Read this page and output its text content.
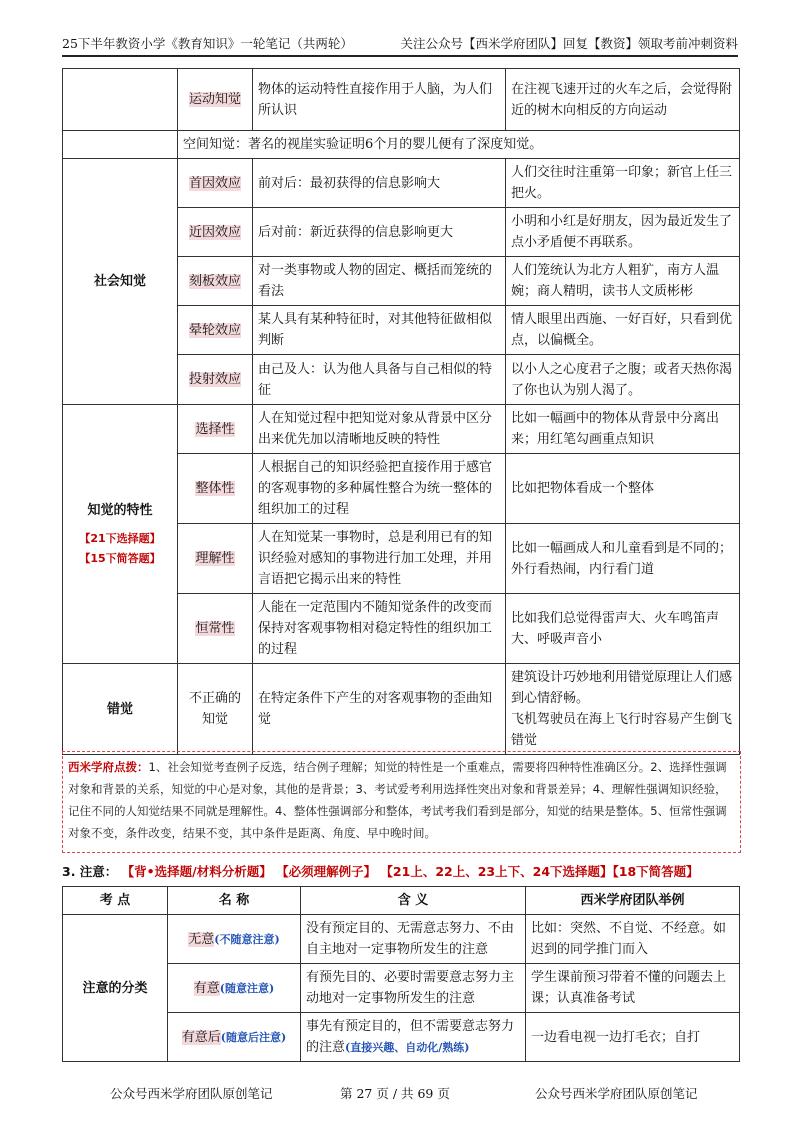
25下半年教资小学《教育知识》一轮笔记（共两轮）	关注公众号【西米学府团队】回复【教资】领取考前冲刺资料
	运动知觉	物体的运动特性直接作用于人脑，为人们所认识	在注视飞速开过的火车之后，会觉得附近的树木向相反的方向运动
	空间知觉：著名的视崖实验证明6个月的婴儿便有了深度知觉。		
社会知觉	首因效应	前对后：最初获得的信息影响大	人们交往时注重第一印象；新官上任三把火。
	近因效应	后对前：新近获得的信息影响更大	小明和小红是好朋友，因为最近发生了点小矛盾便不再联系。
	刻板效应	对一类事物或人物的固定、概括而笼统的看法	人们笼统认为北方人粗犷，南方人温婉；商人精明，读书人文质彬彬
	晕轮效应	某人具有某种特征时，对其他特征做相似判断	情人眼里出西施、一好百好，只看到优点，以偏概全。
	投射效应	由己及人：认为他人具备与自己相似的特征	以小人之心度君子之腹；或者天热你渴了你也认为别人渴了。
知觉的特性
【21下选择题】
【15下简答题】	选择性	人在知觉过程中把知觉对象从背景中区分出来优先加以清晰地反映的特性	比如一幅画中的物体从背景中分离出来；用红笔勾画重点知识
	整体性	人根据自己的知识经验把直接作用于感官的客观事物的多种属性整合为统一整体的组织加工的过程	比如把物体看成一个整体
	理解性	人在知觉某一事物时，总是利用已有的知识经验对感知的事物进行加工处理，并用言语把它揭示出来的特性	比如一幅画成人和儿童看到是不同的；外行看热闹，内行看门道
	恒常性	人能在一定范围内不随知觉条件的改变而保持对客观事物相对稳定特性的组织加工的过程	比如我们总觉得雷声大、火车鸣笛声大、呼吸声音小
错觉	不正确的知觉	在特定条件下产生的对客观事物的歪曲知觉	建筑设计巧妙地利用错觉原理让人们感到心情舒畅。
飞机驾驶员在海上飞行时容易产生倒飞错觉
西米学府点拨：1、社会知觉考查例子反选，结合例子理解；知觉的特性是一个重难点，需要将四种特性准确区分。2、选择性强调对象和背景的关系，知觉的中心是对象，其他的是背景；3、考试爱考利用选择性突出对象和背景差异；4、理解性强调知识经验，记住不同的人知觉结果不同就是理解性。4、整体性强调部分和整体，考试考我们看到是部分，知觉的结果是整体。5、恒常性强调对象不变，条件改变，结果不变，其中条件是距离、角度、早中晚时间。
3. 注意： 【背•选择题/材料分析题】 【必须理解例子】 【21上、22上、23上下、24下选择题】【18下简答题】
考 点	名 称	含 义	西米学府团队举例
注意的分类	无意(不随意注意)	没有预定目的、无需意志努力、不由自主地对一定事物所发生的注意	比如：突然、不自觉、不经意。如迟到的同学推门而入
	有意(随意注意)	有预先目的、必要时需要意志努力主动地对一定事物所发生的注意	学生课前预习带着不懂的问题去上课；认真准备考试
	有意后(随意后注意)	事先有预定目的，但不需要意志努力的注意(直接兴趣、自动化/熟练)	一边看电视一边打毛衣；自打
公众号西米学府团队原创笔记	第 27 页 / 共 69 页	公众号西米学府团队原创笔记
